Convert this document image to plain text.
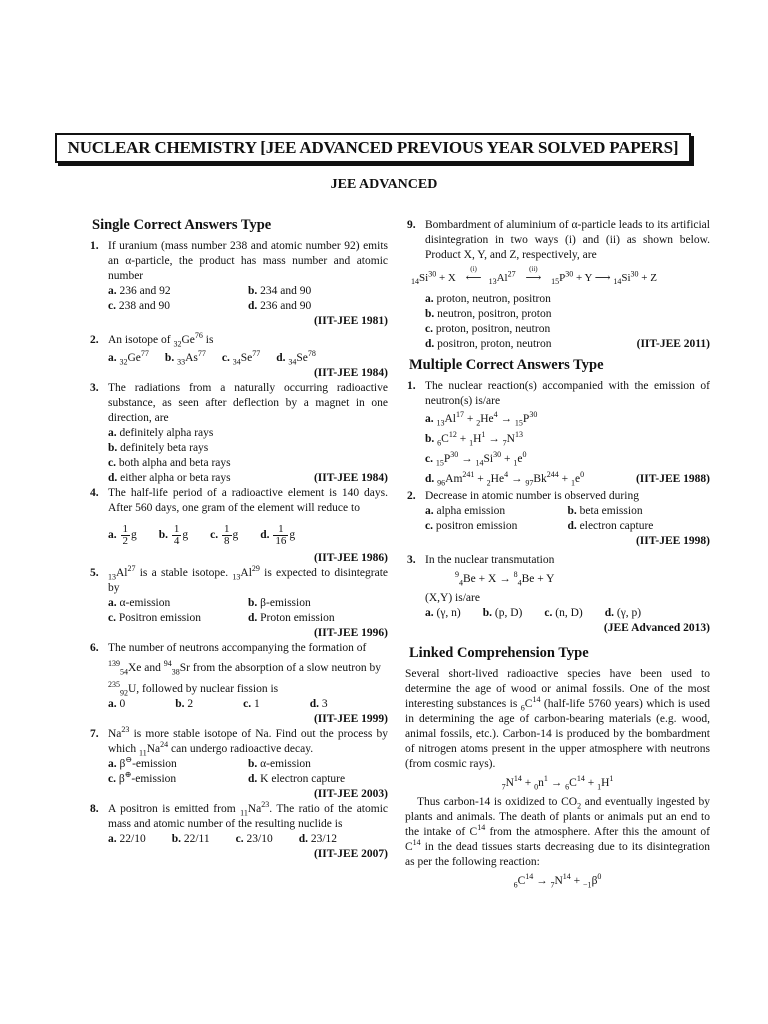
NUCLEAR CHEMISTRY [JEE ADVANCED PREVIOUS YEAR SOLVED PAPERS]
JEE ADVANCED
Single Correct Answers Type
1. If uranium (mass number 238 and atomic number 92) emits an α-particle, the product has mass number and atomic number
a. 236 and 92	b. 234 and 90
c. 238 and 90	d. 236 and 90
(IIT-JEE 1981)
2. An isotope of $_{32}Ge^{76}$ is
a. $_{32}Ge^{77}$ b. $_{33}As^{77}$ c. $_{34}Se^{77}$ d. $_{34}Se^{78}$
(IIT-JEE 1984)
3. The radiations from a naturally occurring radioactive substance, as seen after deflection by a magnet in one direction, are
a. definitely alpha rays
b. definitely beta rays
c. both alpha and beta rays
d. either alpha or beta rays	(IIT-JEE 1984)
4. The half-life period of a radioactive element is 140 days. After 560 days, one gram of the element will reduce to
a. $\frac{1}{2}$ g b. $\frac{1}{4}$ g c. $\frac{1}{8}$ g d. $\frac{1}{16}$ g
(IIT-JEE 1986)
5. $_{13}Al^{27}$ is a stable isotope. $_{13}Al^{29}$ is expected to disintegrate by
a. α-emission	b. β-emission
c. Positron emission	d. Proton emission
(IIT-JEE 1996)
6. The number of neutrons accompanying the formation of
$^{139}_{54}$Xe and $^{94}_{38}$Sr from the absorption of a slow neutron by
$^{235}_{92}$U, followed by nuclear fission is
a. 0	b. 2	c. 1	d. 3
(IIT-JEE 1999)
7. Na$^{23}$ is more stable isotope of Na. Find out the process by which $_{11}Na^{24}$ can undergo radioactive decay.
a. β⊖-emission	b. α-emission
c. β⊕-emission	d. K electron capture
(IIT-JEE 2003)
8. A positron is emitted from $_{11}Na^{23}$. The ratio of the atomic mass and atomic number of the resulting nuclide is
a. 22/10 b. 22/11 c. 23/10 d. 23/12
(IIT-JEE 2007)
9. Bombardment of aluminium of α-particle leads to its artificial disintegration in two ways (i) and (ii) as shown below. Product X, Y, and Z, respectively, are
$_{14}Si^{30} + X$
(i)
⟵ $_{13}Al^{27}$
(ii)
⟶ $_{15}P^{30} + Y$ ⟶ $_{14}Si^{30} + Z$
a. proton, neutron, positron
b. neutron, positron, proton
c. proton, positron, neutron
d. positron, proton, neutron	(IIT-JEE 2011)
Multiple Correct Answers Type
1. The nuclear reaction(s) accompanied with the emission of neutron(s) is/are
a. $_{13}Al^{17} + _2He^4 \to _{15}P^{30}$
b. $_6C^{12} + _1H^1 \to _7N^{13}$
c. $_{15}P^{30} \to _{14}Si^{30} + _1e^0$
d. $_{96}Am^{241} + _2He^4 \to _{97}Bk^{244} + _1e^0$	(IIT-JEE 1988)
2. Decrease in atomic number is observed during
a. alpha emission	b. beta emission
c. positron emission	d. electron capture
(IIT-JEE 1998)
3. In the nuclear transmutation
$^9_4$Be + X → $^8_4$Be + Y
(X,Y) is/are
a. (γ, n) b. (p, D) c. (n, D) d. (γ, p)
(JEE Advanced 2013)
Linked Comprehension Type
Several short-lived radioactive species have been used to determine the age of wood or animal fossils. One of the most interesting substances is $_6C^{14}$ (half-life 5760 years) which is used in determining the age of carbon-bearing materials (e.g. wood, animal fossils, etc.). Carbon-14 is produced by the bombardment of nitrogen atoms present in the upper atmosphere with neutrons (from cosmic rays).
$_7N^{14} + _0n^1 \to _6C^{14} + _1H^1$
Thus carbon-14 is oxidized to $CO_2$ and eventually ingested by plants and animals. The death of plants or animals put an end to the intake of $C^{14}$ from the atmosphere. After this the amount of $C^{14}$ in the dead tissues starts decreasing due to its disintegration as per the following reaction:
$_6C^{14} \to _7N^{14} + _{-1}\beta^0$
